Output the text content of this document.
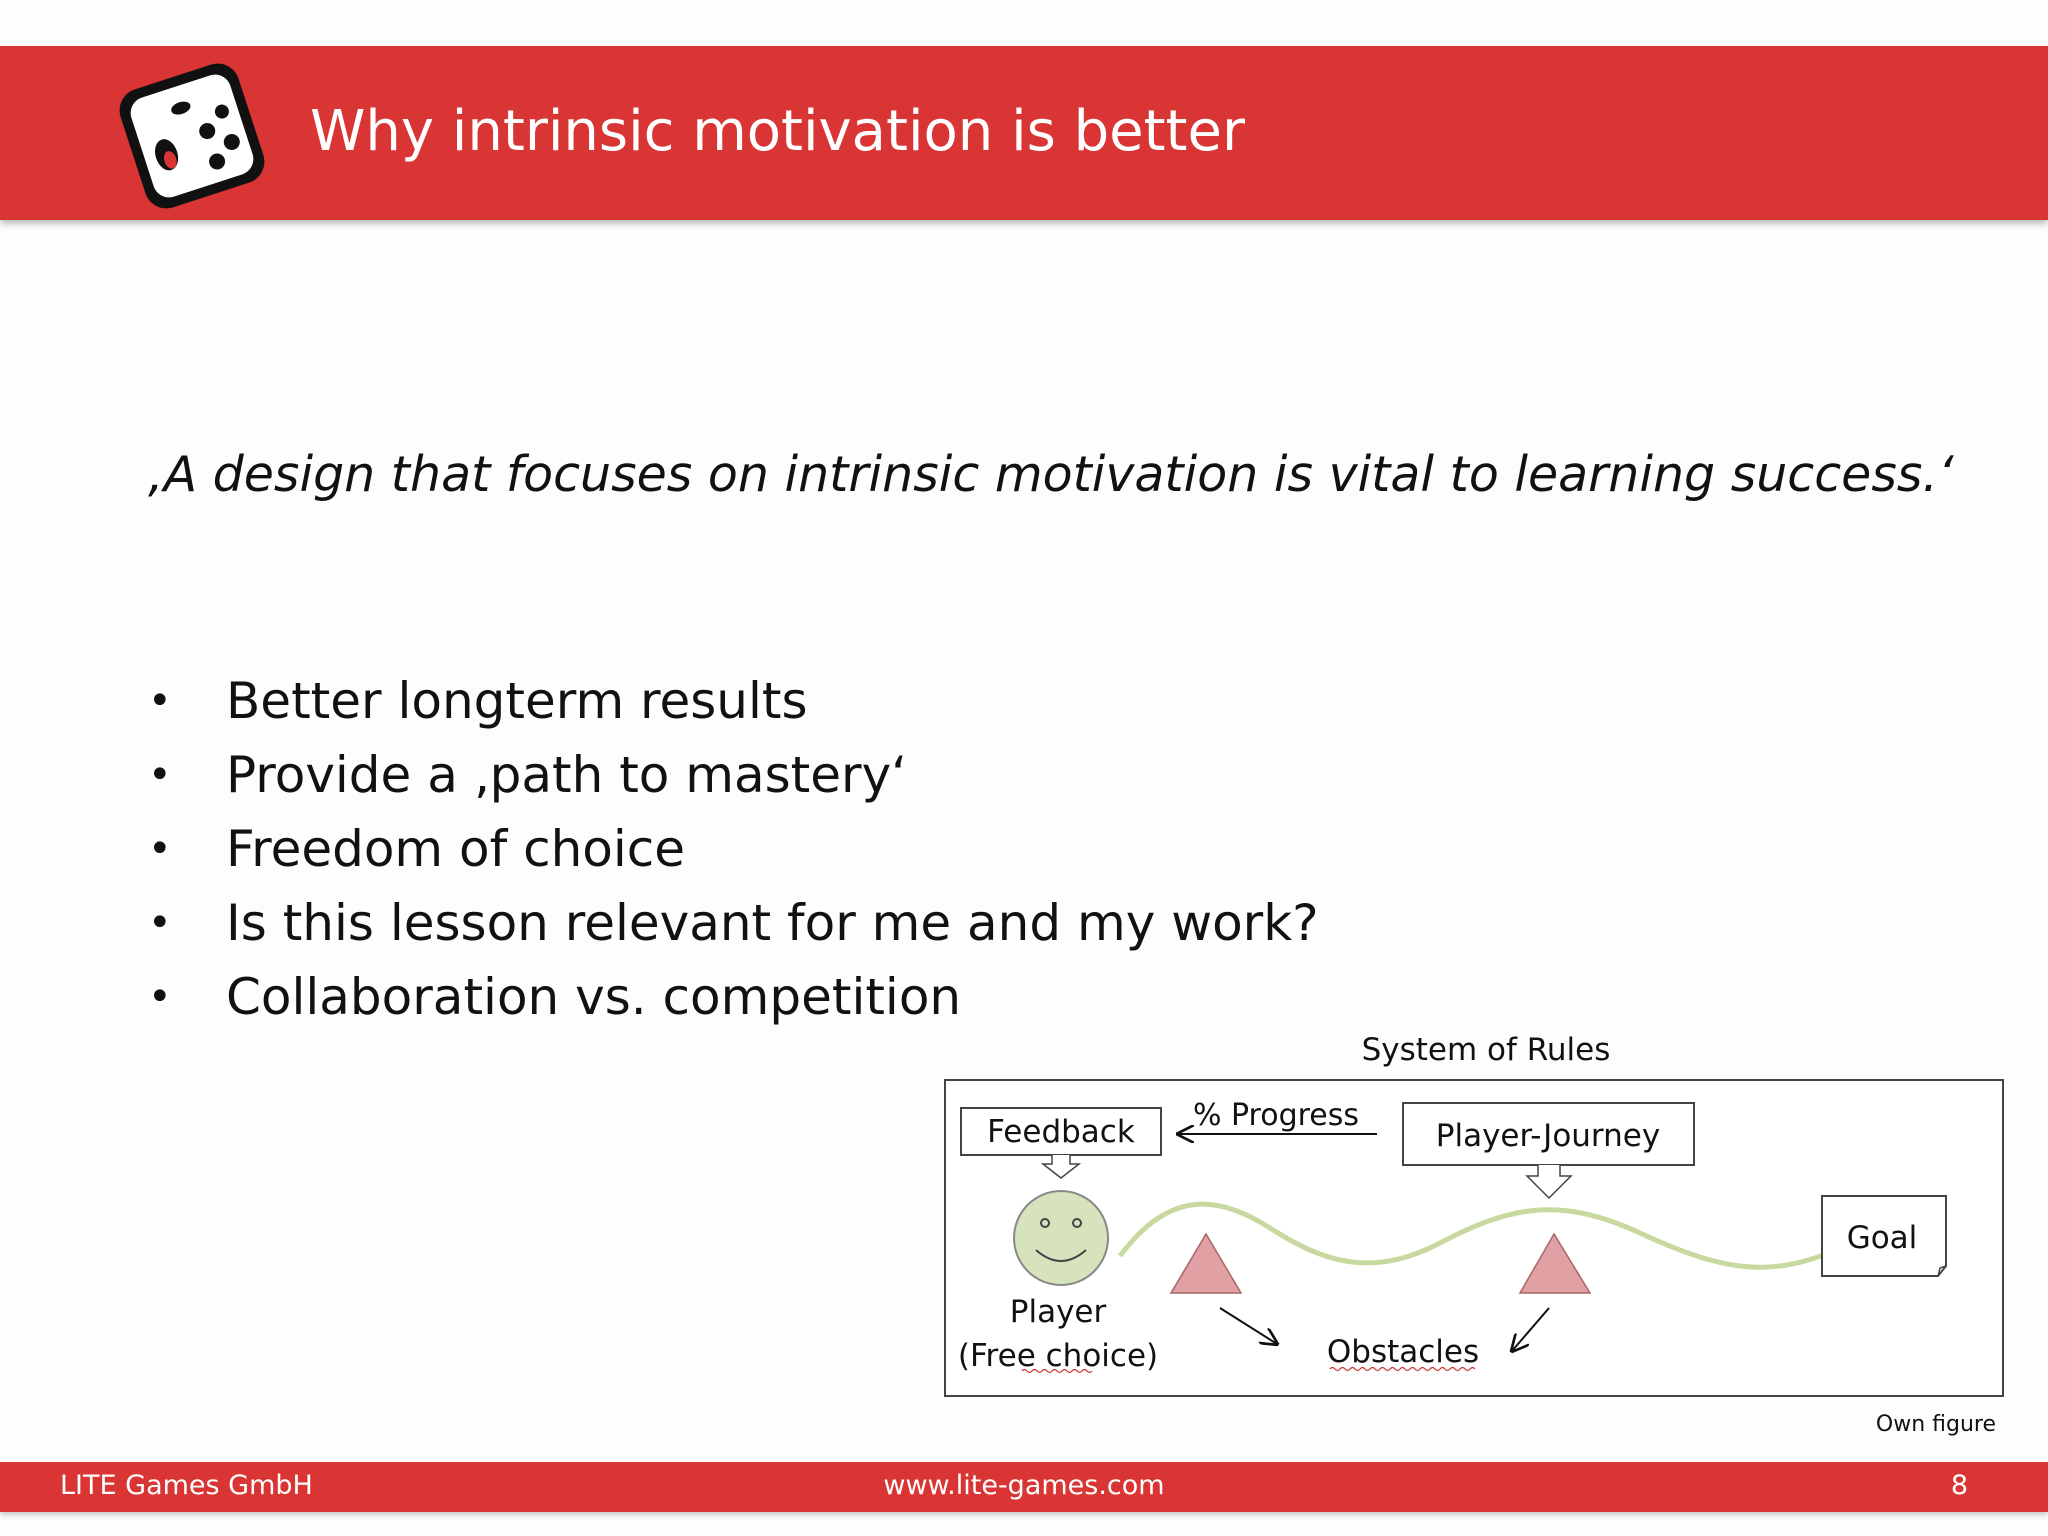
Why intrinsic motivation is better
‚A design that focuses on intrinsic motivation is vital to learning success.‘
• Better longterm results
• Provide a ‚path to mastery‘
• Freedom of choice
• Is this lesson relevant for me and my work?
• Collaboration vs. competition
System of Rules
Feedback % Progress
Player-Journey
Goal
Player
(Free choice)	Obstacles
Own figure
LITE Games GmbH	www.lite-games.com	8
